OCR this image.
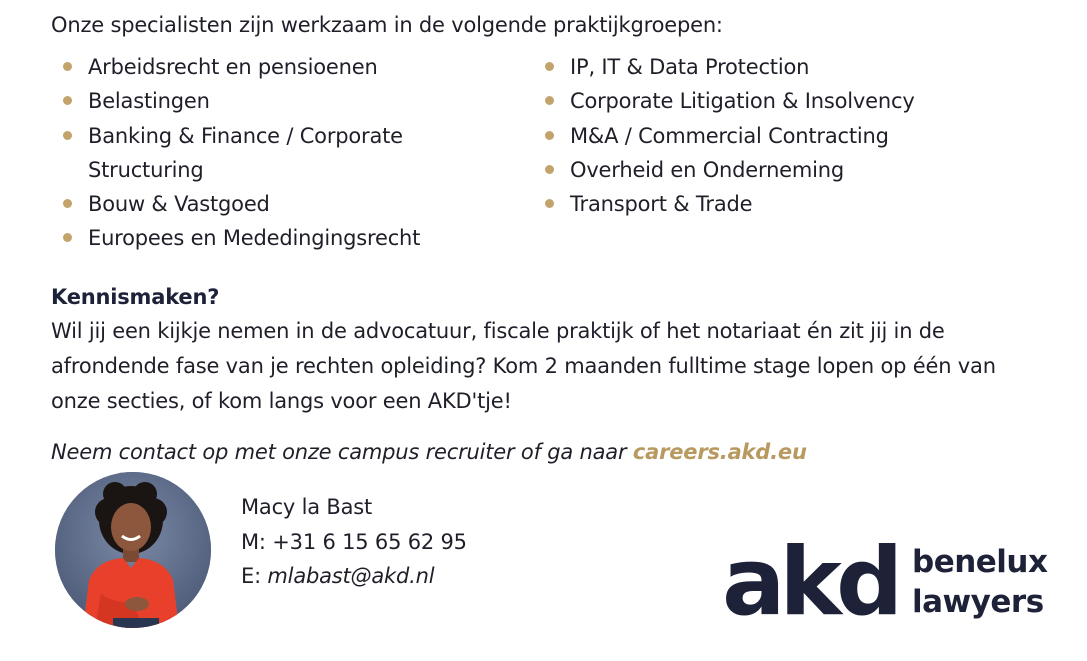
Onze specialisten zijn werkzaam in de volgende praktijkgroepen:
Arbeidsrecht en pensioenen
Belastingen
Banking & Finance / Corporate Structuring
Bouw & Vastgoed
Europees en Mededingingsrecht
IP, IT & Data Protection
Corporate Litigation & Insolvency
M&A / Commercial Contracting
Overheid en Onderneming
Transport & Trade
Kennismaken?
Wil jij een kijkje nemen in de advocatuur, fiscale praktijk of het notariaat én zit jij in de afrondende fase van je rechten opleiding? Kom 2 maanden fulltime stage lopen op één van onze secties, of kom langs voor een AKD'tje!
Neem contact op met onze campus recruiter of ga naar careers.akd.eu
Macy la Bast
M: +31 6 15 65 62 95
E: mlabast@akd.nl	akd benelux
lawyers
